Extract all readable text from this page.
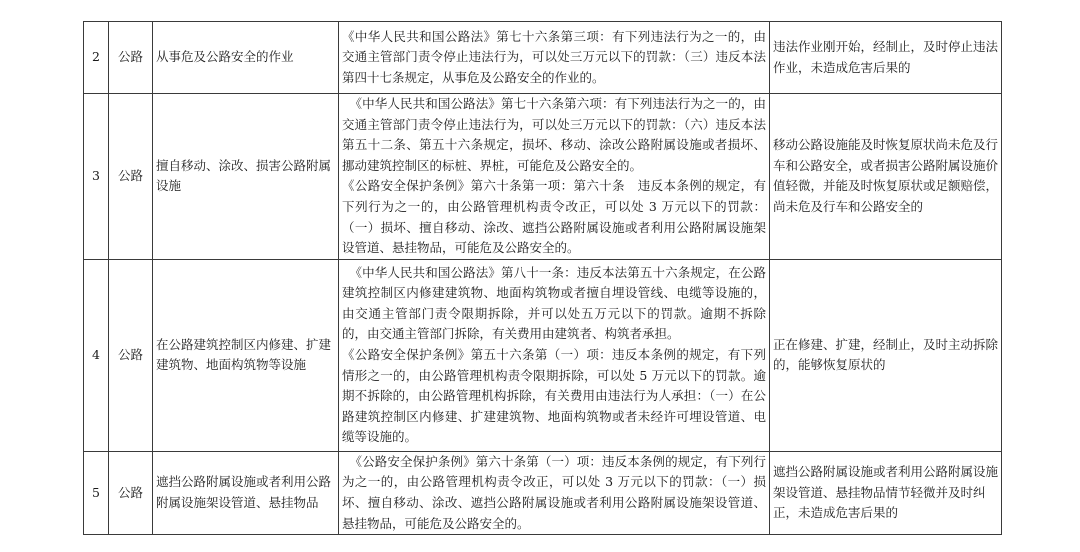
2	公路	从事危及公路安全的作业	《中华人民共和国公路法》第七十六条第三项：有下列违法行为之一的，由交通主管部门责令停止违法行为，可以处三万元以下的罚款：（三）违反本法第四十七条规定，从事危及公路安全的作业的。	违法作业刚开始，经制止，及时停止违法作业，未造成危害后果的
3	公路	擅自移动、涂改、损害公路附属设施	《中华人民共和国公路法》第七十六条第六项：有下列违法行为之一的，由交通主管部门责令停止违法行为，可以处三万元以下的罚款：（六）违反本法第五十二条、第五十六条规定，损坏、移动、涂改公路附属设施或者损坏、挪动建筑控制区的标桩、界桩，可能危及公路安全的。
《公路安全保护条例》第六十条第一项：第六十条　违反本条例的规定，有下列行为之一的，由公路管理机构责令改正，可以处 3 万元以下的罚款：（一）损坏、擅自移动、涂改、遮挡公路附属设施或者利用公路附属设施架设管道、悬挂物品，可能危及公路安全的。	移动公路设施能及时恢复原状尚未危及行车和公路安全，或者损害公路附属设施价值轻微，并能及时恢复原状或足额赔偿，尚未危及行车和公路安全的
4	公路	在公路建筑控制区内修建、扩建建筑物、地面构筑物等设施	《中华人民共和国公路法》第八十一条：违反本法第五十六条规定，在公路建筑控制区内修建建筑物、地面构筑物或者擅自埋设管线、电缆等设施的，由交通主管部门责令限期拆除，并可以处五万元以下的罚款。逾期不拆除的，由交通主管部门拆除，有关费用由建筑者、构筑者承担。
《公路安全保护条例》第五十六条第（一）项：违反本条例的规定，有下列情形之一的，由公路管理机构责令限期拆除，可以处 5 万元以下的罚款。逾期不拆除的，由公路管理机构拆除，有关费用由违法行为人承担：（一）在公路建筑控制区内修建、扩建建筑物、地面构筑物或者未经许可埋设管道、电缆等设施的。	正在修建、扩建，经制止，及时主动拆除的，能够恢复原状的
5	公路	遮挡公路附属设施或者利用公路附属设施架设管道、悬挂物品	《公路安全保护条例》第六十条第（一）项：违反本条例的规定，有下列行为之一的，由公路管理机构责令改正，可以处 3 万元以下的罚款：（一）损坏、擅自移动、涂改、遮挡公路附属设施或者利用公路附属设施架设管道、悬挂物品，可能危及公路安全的。	遮挡公路附属设施或者利用公路附属设施架设管道、悬挂物品情节轻微并及时纠正，未造成危害后果的
